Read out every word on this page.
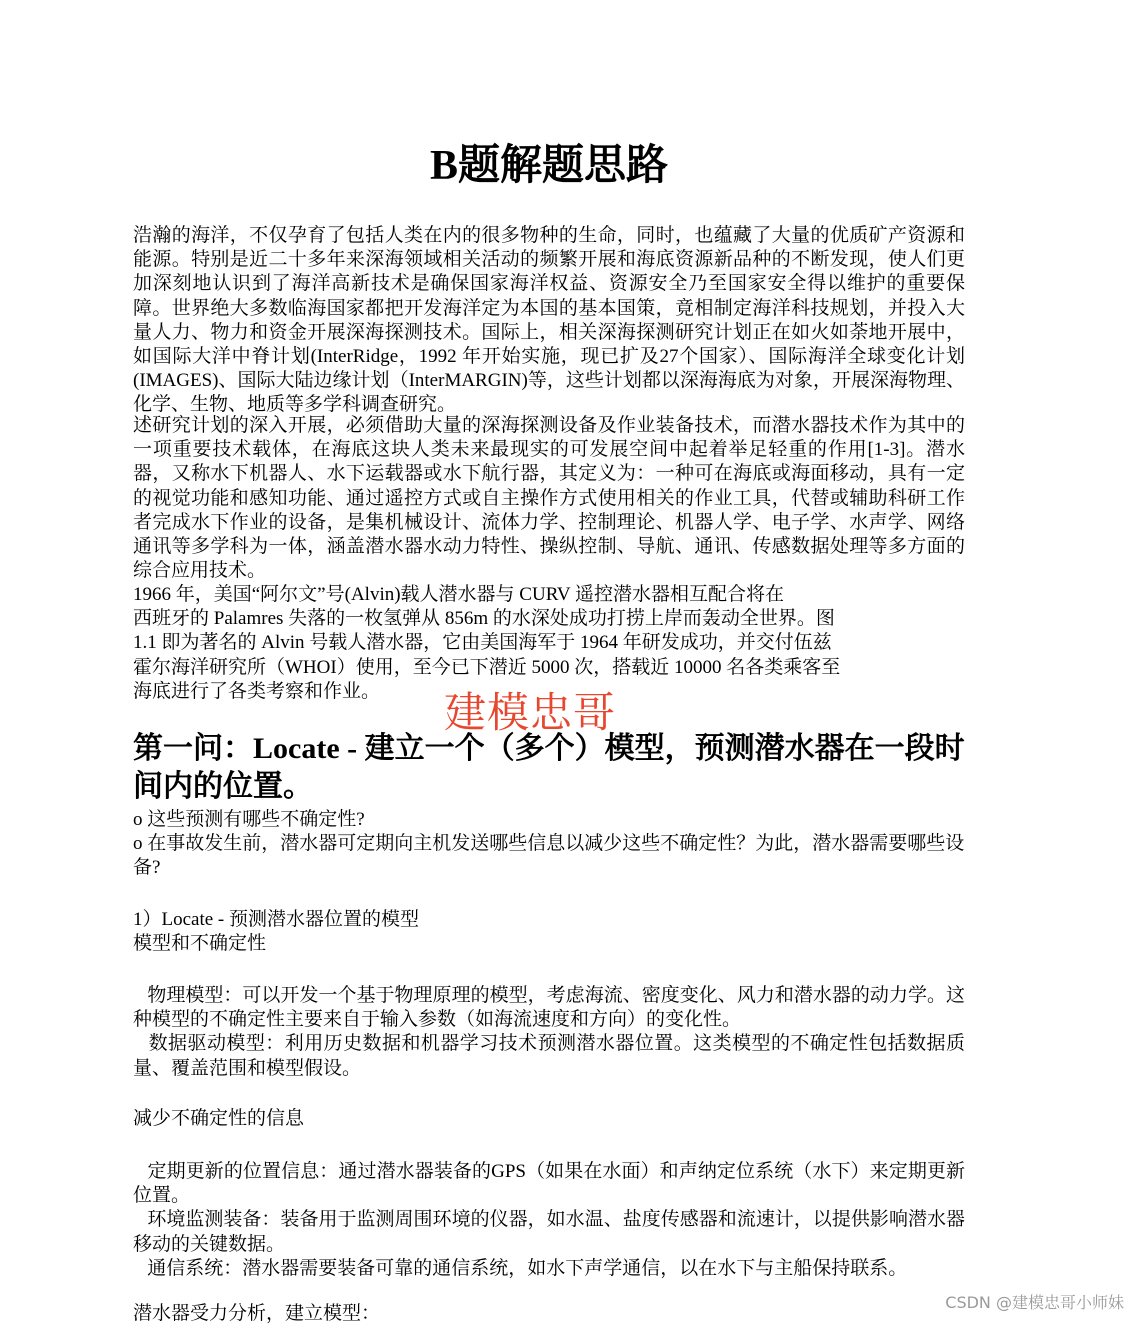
B题解题思路

浩瀚的海洋，不仅孕育了包括人类在内的很多物种的生命，同时，也蕴藏了大量的优质矿产资源和能源。特别是近二十多年来深海领域相关活动的频繁开展和海底资源新品种的不断发现，使人们更加深刻地认识到了海洋高新技术是确保国家海洋权益、资源安全乃至国家安全得以维护的重要保障。世界绝大多数临海国家都把开发海洋定为本国的基本国策，竟相制定海洋科技规划，并投入大量人力、物力和资金开展深海探测技术。国际上，相关深海探测研究计划正在如火如荼地开展中，如国际大洋中脊计划(InterRidge，1992 年开始实施，现已扩及27个国家）、国际海洋全球变化计划(IMAGES)、国际大陆边缘计划（InterMARGIN)等，这些计划都以深海海底为对象，开展深海物理、化学、生物、地质等多学科调查研究。

述研究计划的深入开展，必须借助大量的深海探测设备及作业装备技术，而潜水器技术作为其中的一项重要技术载体，在海底这块人类未来最现实的可发展空间中起着举足轻重的作用[1-3]。潜水器，又称水下机器人、水下运载器或水下航行器，其定义为：一种可在海底或海面移动，具有一定的视觉功能和感知功能、通过遥控方式或自主操作方式使用相关的作业工具，代替或辅助科研工作者完成水下作业的设备，是集机械设计、流体力学、控制理论、机器人学、电子学、水声学、网络通讯等多学科为一体，涵盖潜水器水动力特性、操纵控制、导航、通讯、传感数据处理等多方面的综合应用技术。

1966 年，美国“阿尔文”号(Alvin)载人潜水器与 CURV 遥控潜水器相互配合将在
西班牙的 Palamres 失落的一枚氢弹从 856m 的水深处成功打捞上岸而轰动全世界。图
1.1 即为著名的 Alvin 号载人潜水器，它由美国海军于 1964 年研发成功，并交付伍兹
霍尔海洋研究所（WHOI）使用，至今已下潜近 5000 次，搭载近 10000 名各类乘客至
海底进行了各类考察和作业。
第一问：Locate - 建立一个（多个）模型，预测潜水器在一段时间内的位置。
o 这些预测有哪些不确定性?
o 在事故发生前，潜水器可定期向主机发送哪些信息以减少这些不确定性？为此，潜水器需要哪些设备?
1）Locate - 预测潜水器位置的模型
模型和不确定性
物理模型：可以开发一个基于物理原理的模型，考虑海流、密度变化、风力和潜水器的动力学。这种模型的不确定性主要来自于输入参数（如海流速度和方向）的变化性。
数据驱动模型：利用历史数据和机器学习技术预测潜水器位置。这类模型的不确定性包括数据质量、覆盖范围和模型假设。
减少不确定性的信息
定期更新的位置信息：通过潜水器装备的GPS（如果在水面）和声纳定位系统（水下）来定期更新位置。
环境监测装备：装备用于监测周围环境的仪器，如水温、盐度传感器和流速计，以提供影响潜水器移动的关键数据。
通信系统：潜水器需要装备可靠的通信系统，如水下声学通信，以在水下与主船保持联系。
潜水器受力分析，建立模型：
建模忠哥
CSDN @建模忠哥小师妹
